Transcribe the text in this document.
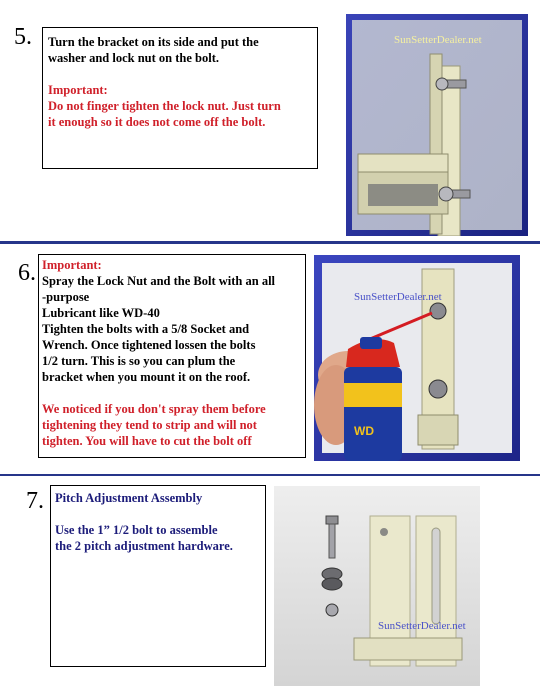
5. Turn the bracket on its side and put the

washer and lock nut on the bolt.

Important:

Do not finger tighten the lock nut. Just turn

it enough so it does not come off the bolt.

SunSetterDealer.net
6. Important:

Spray the Lock Nut and the Bolt with an all

-purpose

Lubricant like WD-40

Tighten the bolts with a 5/8 Socket and

Wrench. Once tightened lossen the bolts

1/2 turn. This is so you can plum the

bracket when you mount it on the roof.

We noticed if you don't spray them before

tightening they tend to strip and will not

tighten. You will have to cut the bolt off

SunSetterDealer.net
WD
7. Pitch Adjustment Assembly

Use the 1” 1/2 bolt to assemble

the 2 pitch adjustment hardware.

SunSetterDealer.net
